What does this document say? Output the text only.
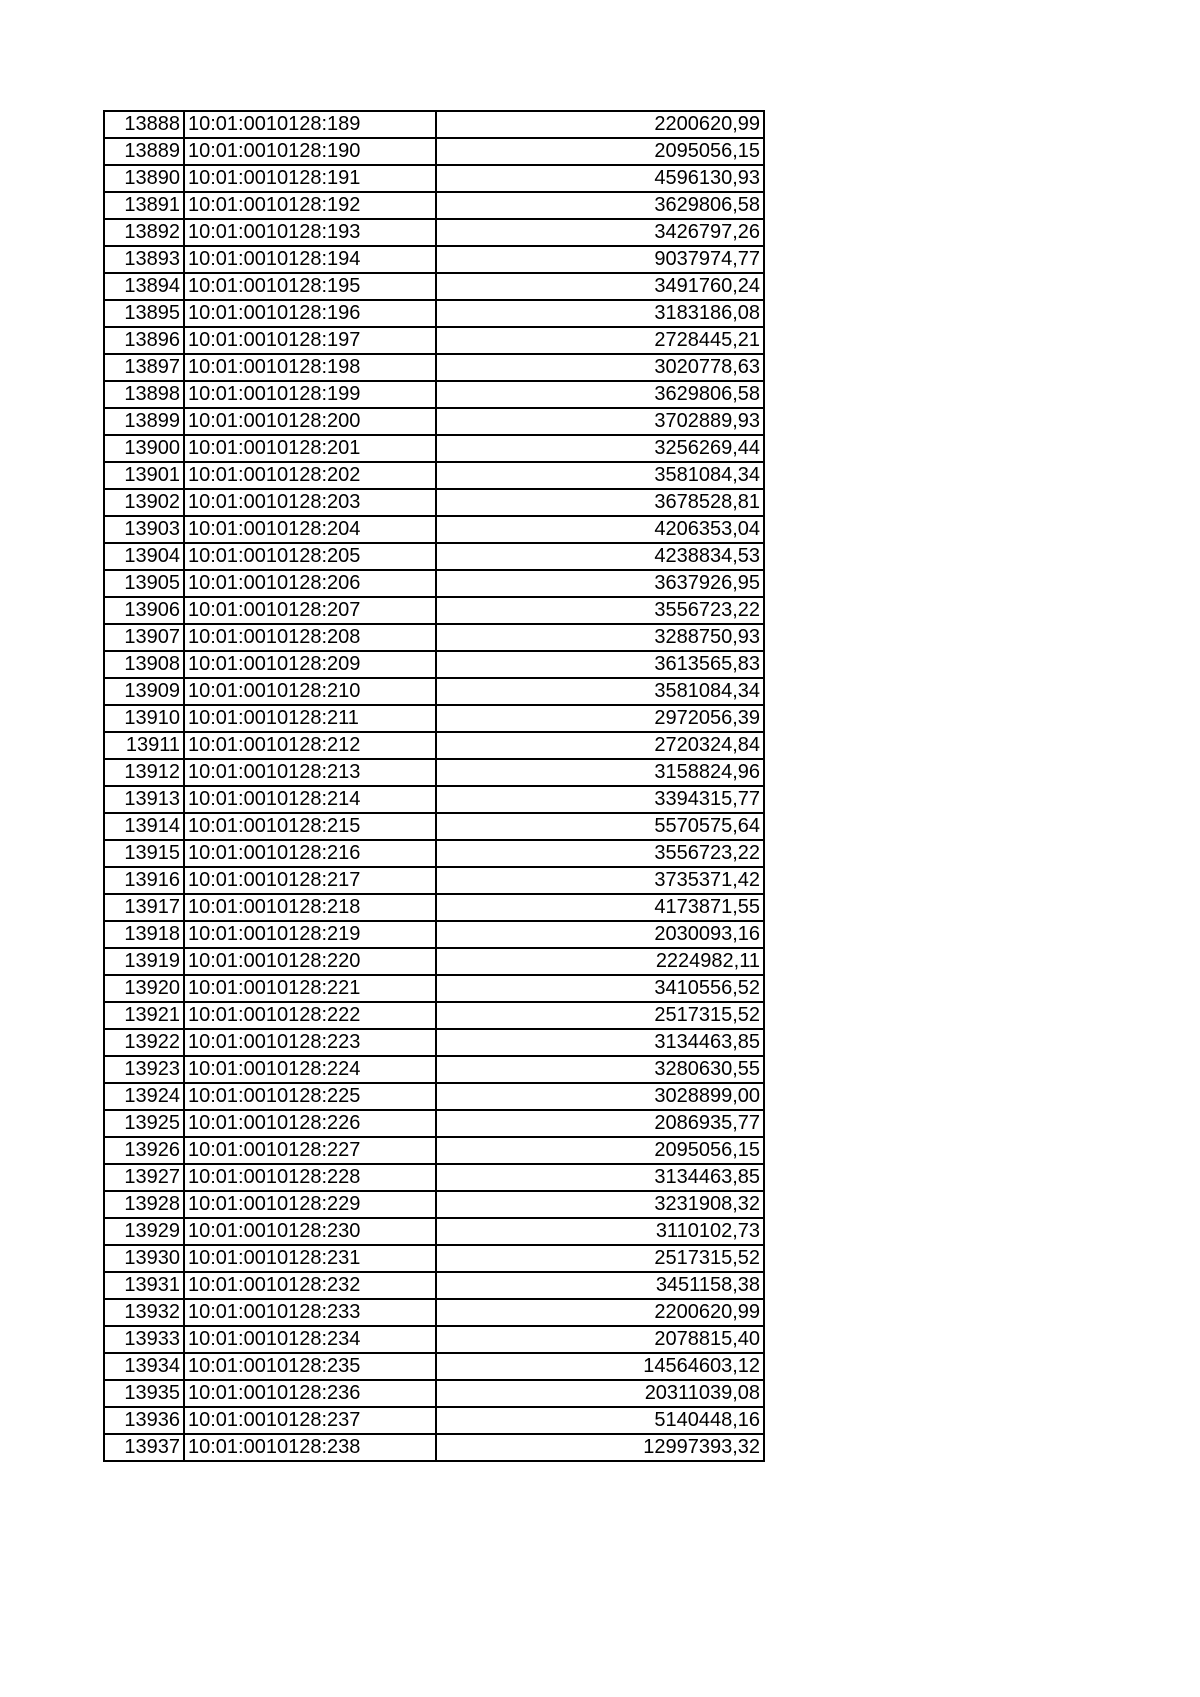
13888	10:01:0010128:189	2200620,99
13889	10:01:0010128:190	2095056,15
13890	10:01:0010128:191	4596130,93
13891	10:01:0010128:192	3629806,58
13892	10:01:0010128:193	3426797,26
13893	10:01:0010128:194	9037974,77
13894	10:01:0010128:195	3491760,24
13895	10:01:0010128:196	3183186,08
13896	10:01:0010128:197	2728445,21
13897	10:01:0010128:198	3020778,63
13898	10:01:0010128:199	3629806,58
13899	10:01:0010128:200	3702889,93
13900	10:01:0010128:201	3256269,44
13901	10:01:0010128:202	3581084,34
13902	10:01:0010128:203	3678528,81
13903	10:01:0010128:204	4206353,04
13904	10:01:0010128:205	4238834,53
13905	10:01:0010128:206	3637926,95
13906	10:01:0010128:207	3556723,22
13907	10:01:0010128:208	3288750,93
13908	10:01:0010128:209	3613565,83
13909	10:01:0010128:210	3581084,34
13910	10:01:0010128:211	2972056,39
13911	10:01:0010128:212	2720324,84
13912	10:01:0010128:213	3158824,96
13913	10:01:0010128:214	3394315,77
13914	10:01:0010128:215	5570575,64
13915	10:01:0010128:216	3556723,22
13916	10:01:0010128:217	3735371,42
13917	10:01:0010128:218	4173871,55
13918	10:01:0010128:219	2030093,16
13919	10:01:0010128:220	2224982,11
13920	10:01:0010128:221	3410556,52
13921	10:01:0010128:222	2517315,52
13922	10:01:0010128:223	3134463,85
13923	10:01:0010128:224	3280630,55
13924	10:01:0010128:225	3028899,00
13925	10:01:0010128:226	2086935,77
13926	10:01:0010128:227	2095056,15
13927	10:01:0010128:228	3134463,85
13928	10:01:0010128:229	3231908,32
13929	10:01:0010128:230	3110102,73
13930	10:01:0010128:231	2517315,52
13931	10:01:0010128:232	3451158,38
13932	10:01:0010128:233	2200620,99
13933	10:01:0010128:234	2078815,40
13934	10:01:0010128:235	14564603,12
13935	10:01:0010128:236	20311039,08
13936	10:01:0010128:237	5140448,16
13937	10:01:0010128:238	12997393,32
